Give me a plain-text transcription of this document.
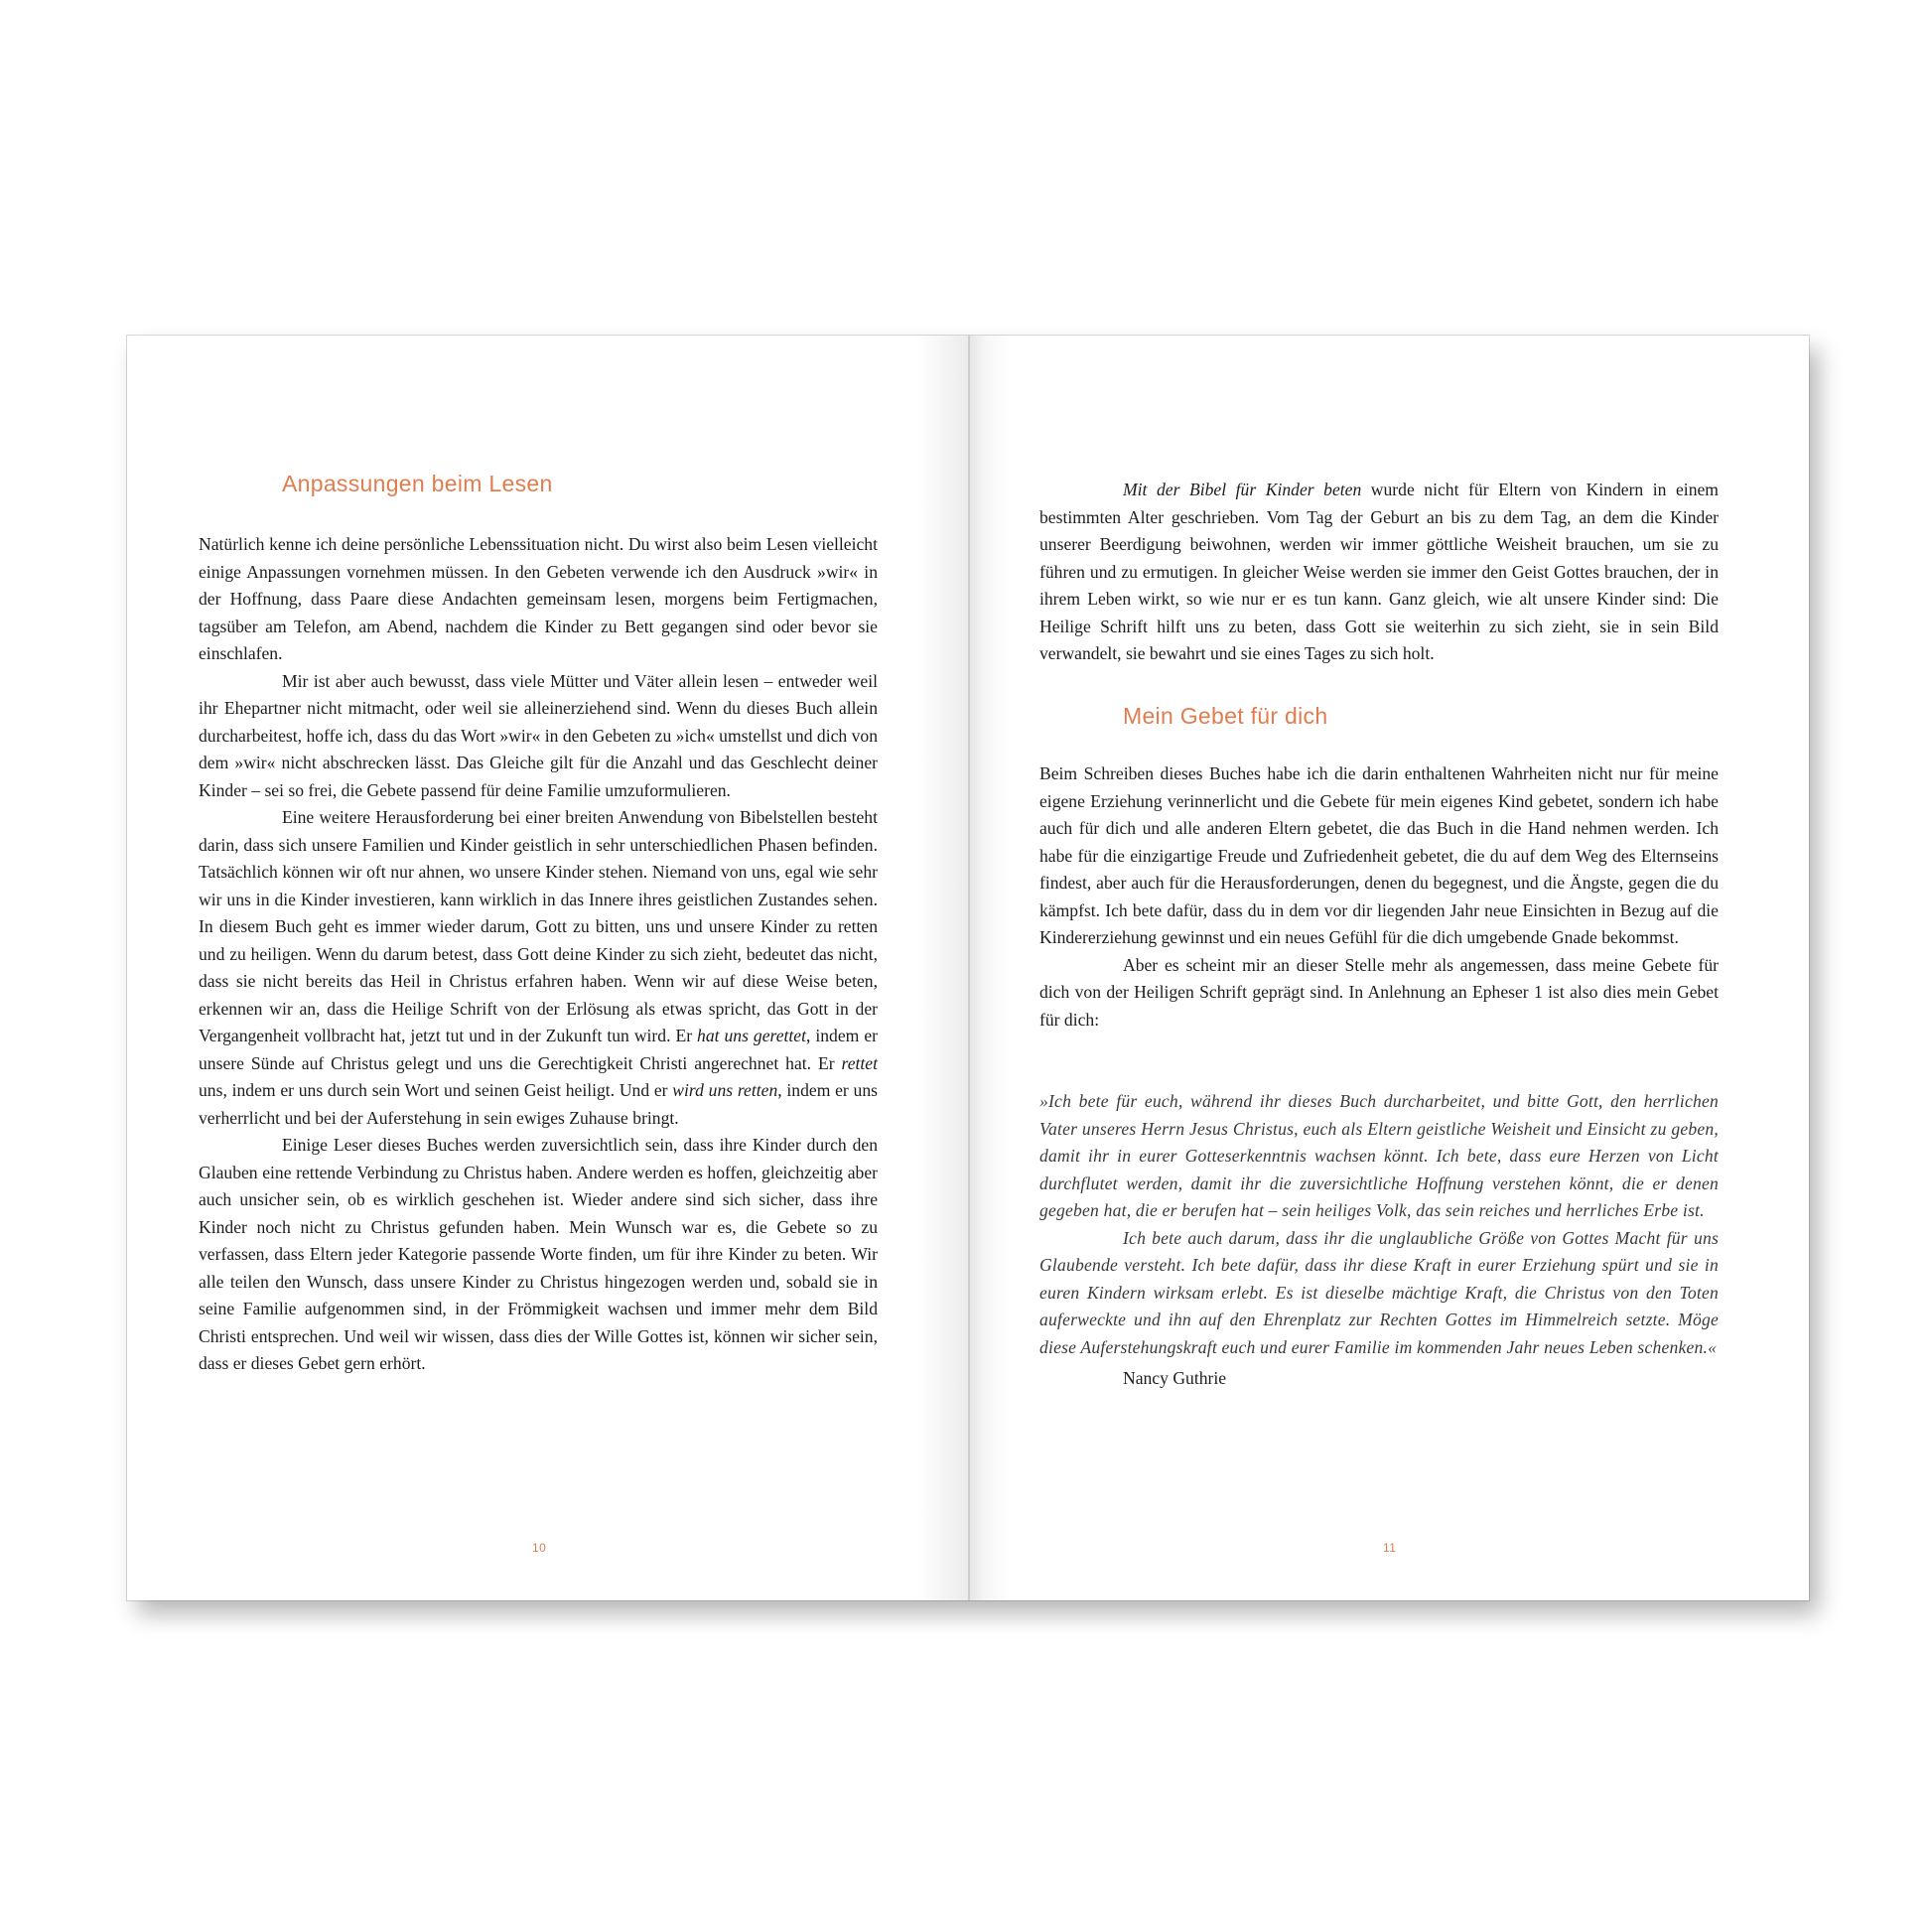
Anpassungen beim Lesen

Natürlich kenne ich deine persönliche Lebenssituation nicht. Du wirst also beim Lesen vielleicht einige Anpassungen vornehmen müssen. In den Gebeten verwende ich den Ausdruck »wir« in der Hoffnung, dass Paare diese Andachten gemeinsam lesen, morgens beim Fertigmachen, tagsüber am Telefon, am Abend, nachdem die Kinder zu Bett gegangen sind oder bevor sie einschlafen.

Mir ist aber auch bewusst, dass viele Mütter und Väter allein lesen – entweder weil ihr Ehepartner nicht mitmacht, oder weil sie alleinerziehend sind. Wenn du dieses Buch allein durcharbeitest, hoffe ich, dass du das Wort »wir« in den Gebeten zu »ich« umstellst und dich von dem »wir« nicht abschrecken lässt. Das Gleiche gilt für die Anzahl und das Geschlecht deiner Kinder – sei so frei, die Gebete passend für deine Familie umzuformulieren.

Eine weitere Herausforderung bei einer breiten Anwendung von Bibelstellen besteht darin, dass sich unsere Familien und Kinder geistlich in sehr unterschiedlichen Phasen befinden. Tatsächlich können wir oft nur ahnen, wo unsere Kinder stehen. Niemand von uns, egal wie sehr wir uns in die Kinder investieren, kann wirklich in das Innere ihres geistlichen Zustandes sehen. In diesem Buch geht es immer wieder darum, Gott zu bitten, uns und unsere Kinder zu retten und zu heiligen. Wenn du darum betest, dass Gott deine Kinder zu sich zieht, bedeutet das nicht, dass sie nicht bereits das Heil in Christus erfahren haben. Wenn wir auf diese Weise beten, erkennen wir an, dass die Heilige Schrift von der Erlösung als etwas spricht, das Gott in der Vergangenheit vollbracht hat, jetzt tut und in der Zukunft tun wird. Er hat uns gerettet, indem er unsere Sünde auf Christus gelegt und uns die Gerechtigkeit Christi angerechnet hat. Er rettet uns, indem er uns durch sein Wort und seinen Geist heiligt. Und er wird uns retten, indem er uns verherrlicht und bei der Auferstehung in sein ewiges Zuhause bringt.

Einige Leser dieses Buches werden zuversichtlich sein, dass ihre Kinder durch den Glauben eine rettende Verbindung zu Christus haben. Andere werden es hoffen, gleichzeitig aber auch unsicher sein, ob es wirklich geschehen ist. Wieder andere sind sich sicher, dass ihre Kinder noch nicht zu Christus gefunden haben. Mein Wunsch war es, die Gebete so zu verfassen, dass Eltern jeder Kategorie passende Worte finden, um für ihre Kinder zu beten. Wir alle teilen den Wunsch, dass unsere Kinder zu Christus hingezogen werden und, sobald sie in seine Familie aufgenommen sind, in der Frömmigkeit wachsen und immer mehr dem Bild Christi entsprechen. Und weil wir wissen, dass dies der Wille Gottes ist, können wir sicher sein, dass er dieses Gebet gern erhört.

10

Mit der Bibel für Kinder beten wurde nicht für Eltern von Kindern in einem bestimmten Alter geschrieben. Vom Tag der Geburt an bis zu dem Tag, an dem die Kinder unserer Beerdigung beiwohnen, werden wir immer göttliche Weisheit brauchen, um sie zu führen und zu ermutigen. In gleicher Weise werden sie immer den Geist Gottes brauchen, der in ihrem Leben wirkt, so wie nur er es tun kann. Ganz gleich, wie alt unsere Kinder sind: Die Heilige Schrift hilft uns zu beten, dass Gott sie weiterhin zu sich zieht, sie in sein Bild verwandelt, sie bewahrt und sie eines Tages zu sich holt.

Mein Gebet für dich

Beim Schreiben dieses Buches habe ich die darin enthaltenen Wahrheiten nicht nur für meine eigene Erziehung verinnerlicht und die Gebete für mein eigenes Kind gebetet, sondern ich habe auch für dich und alle anderen Eltern gebetet, die das Buch in die Hand nehmen werden. Ich habe für die einzigartige Freude und Zufriedenheit gebetet, die du auf dem Weg des Elternseins findest, aber auch für die Herausforderungen, denen du begegnest, und die Ängste, gegen die du kämpfst. Ich bete dafür, dass du in dem vor dir liegenden Jahr neue Einsichten in Bezug auf die Kindererziehung gewinnst und ein neues Gefühl für die dich umgebende Gnade bekommst.

Aber es scheint mir an dieser Stelle mehr als angemessen, dass meine Gebete für dich von der Heiligen Schrift geprägt sind. In Anlehnung an Epheser 1 ist also dies mein Gebet für dich:

»Ich bete für euch, während ihr dieses Buch durcharbeitet, und bitte Gott, den herrlichen Vater unseres Herrn Jesus Christus, euch als Eltern geistliche Weisheit und Einsicht zu geben, damit ihr in eurer Gotteserkenntnis wachsen könnt. Ich bete, dass eure Herzen von Licht durchflutet werden, damit ihr die zuversichtliche Hoffnung verstehen könnt, die er denen gegeben hat, die er berufen hat – sein heiliges Volk, das sein reiches und herrliches Erbe ist.

Ich bete auch darum, dass ihr die unglaubliche Größe von Gottes Macht für uns Glaubende versteht. Ich bete dafür, dass ihr diese Kraft in eurer Erziehung spürt und sie in euren Kindern wirksam erlebt. Es ist dieselbe mächtige Kraft, die Christus von den Toten auferweckte und ihn auf den Ehrenplatz zur Rechten Gottes im Himmelreich setzte. Möge diese Auferstehungskraft euch und eurer Familie im kommenden Jahr neues Leben schenken.«

Nancy Guthrie
11
